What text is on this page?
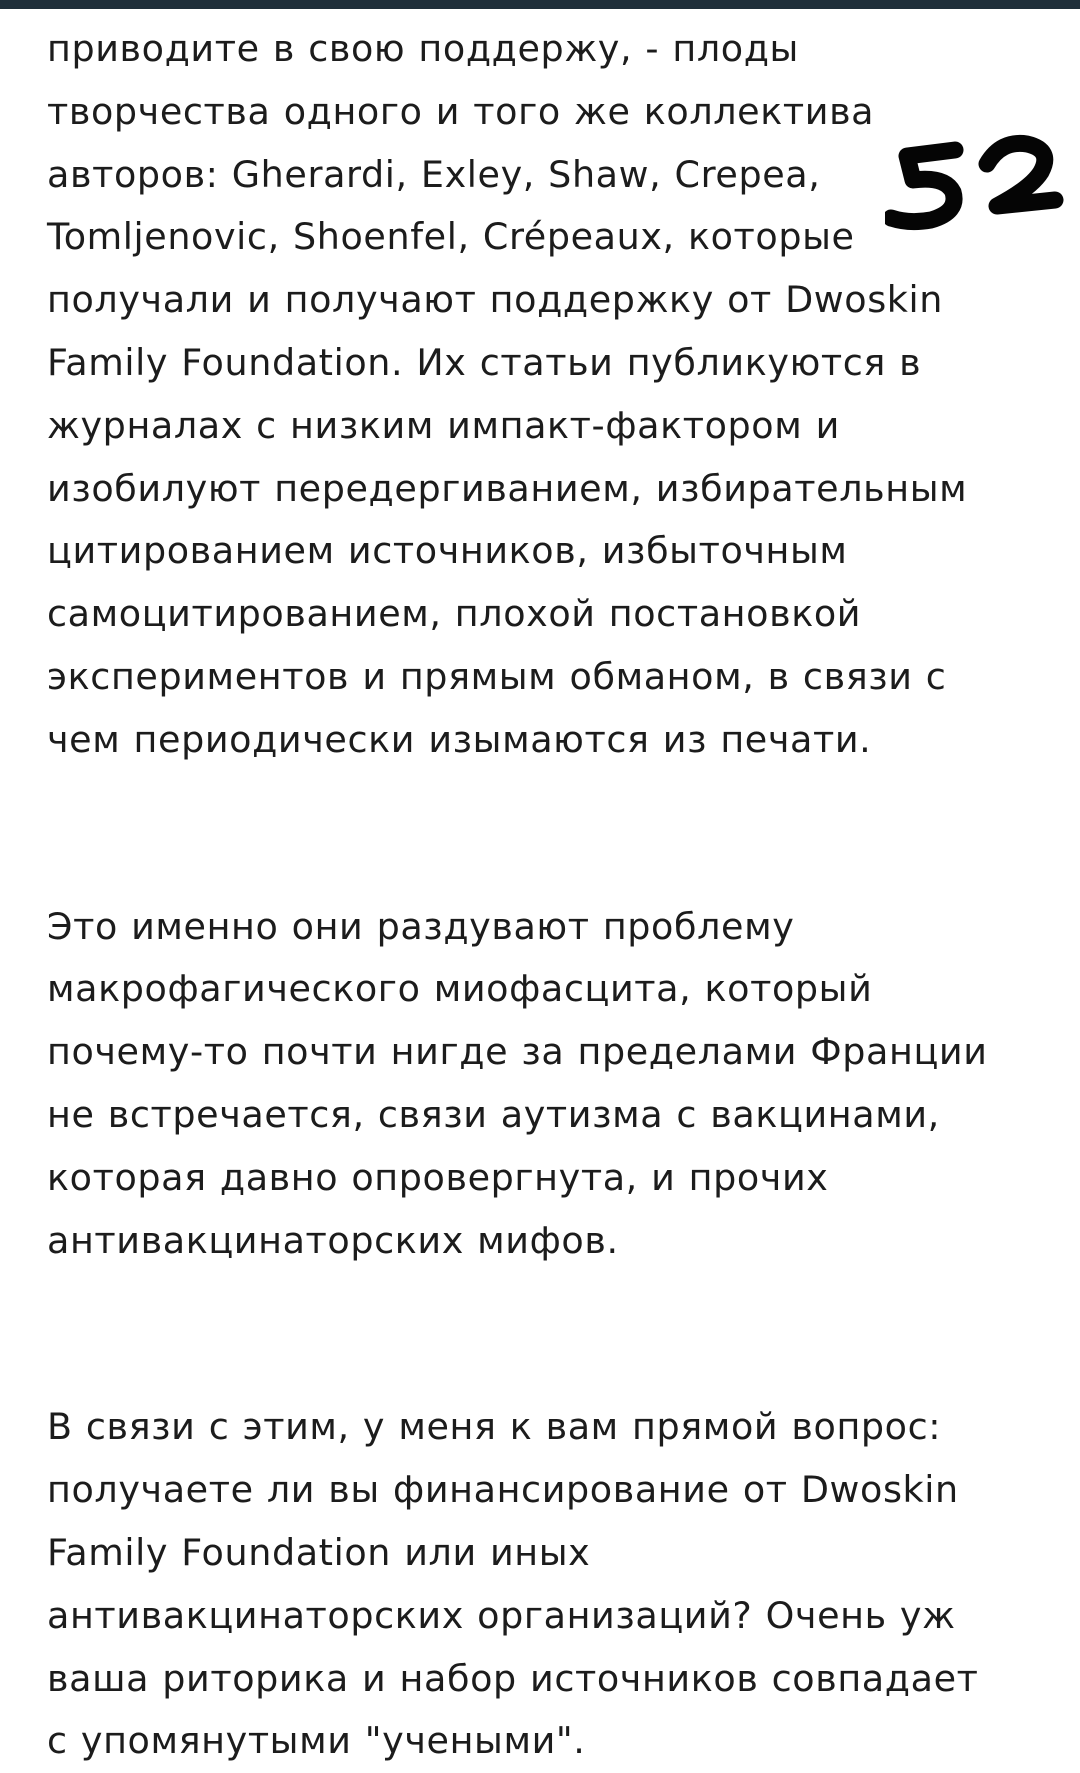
приводите в свою поддержу, - плоды
творчества одного и того же коллектива
авторов: Gherardi, Exley, Shaw, Crepea,
Tomljenovic, Shoenfel, Crépeaux, которые
получали и получают поддержку от Dwoskin
Family Foundation. Их статьи публикуются в
журналах с низким импакт-фактором и
изобилуют передергиванием, избирательным
цитированием источников, избыточным
самоцитированием, плохой постановкой
экспериментов и прямым обманом, в связи с
чем периодически изымаются из печати.

Это именно они раздувают проблему
макрофагического миофасцита, который
почему-то почти нигде за пределами Франции
не встречается, связи аутизма с вакцинами,
которая давно опровергнута, и прочих
антивакцинаторских мифов.

В связи с этим, у меня к вам прямой вопрос:
получаете ли вы финансирование от Dwoskin
Family Foundation или иных
антивакцинаторских организаций? Очень уж
ваша риторика и набор источников совпадает
с упомянутыми "учеными".
